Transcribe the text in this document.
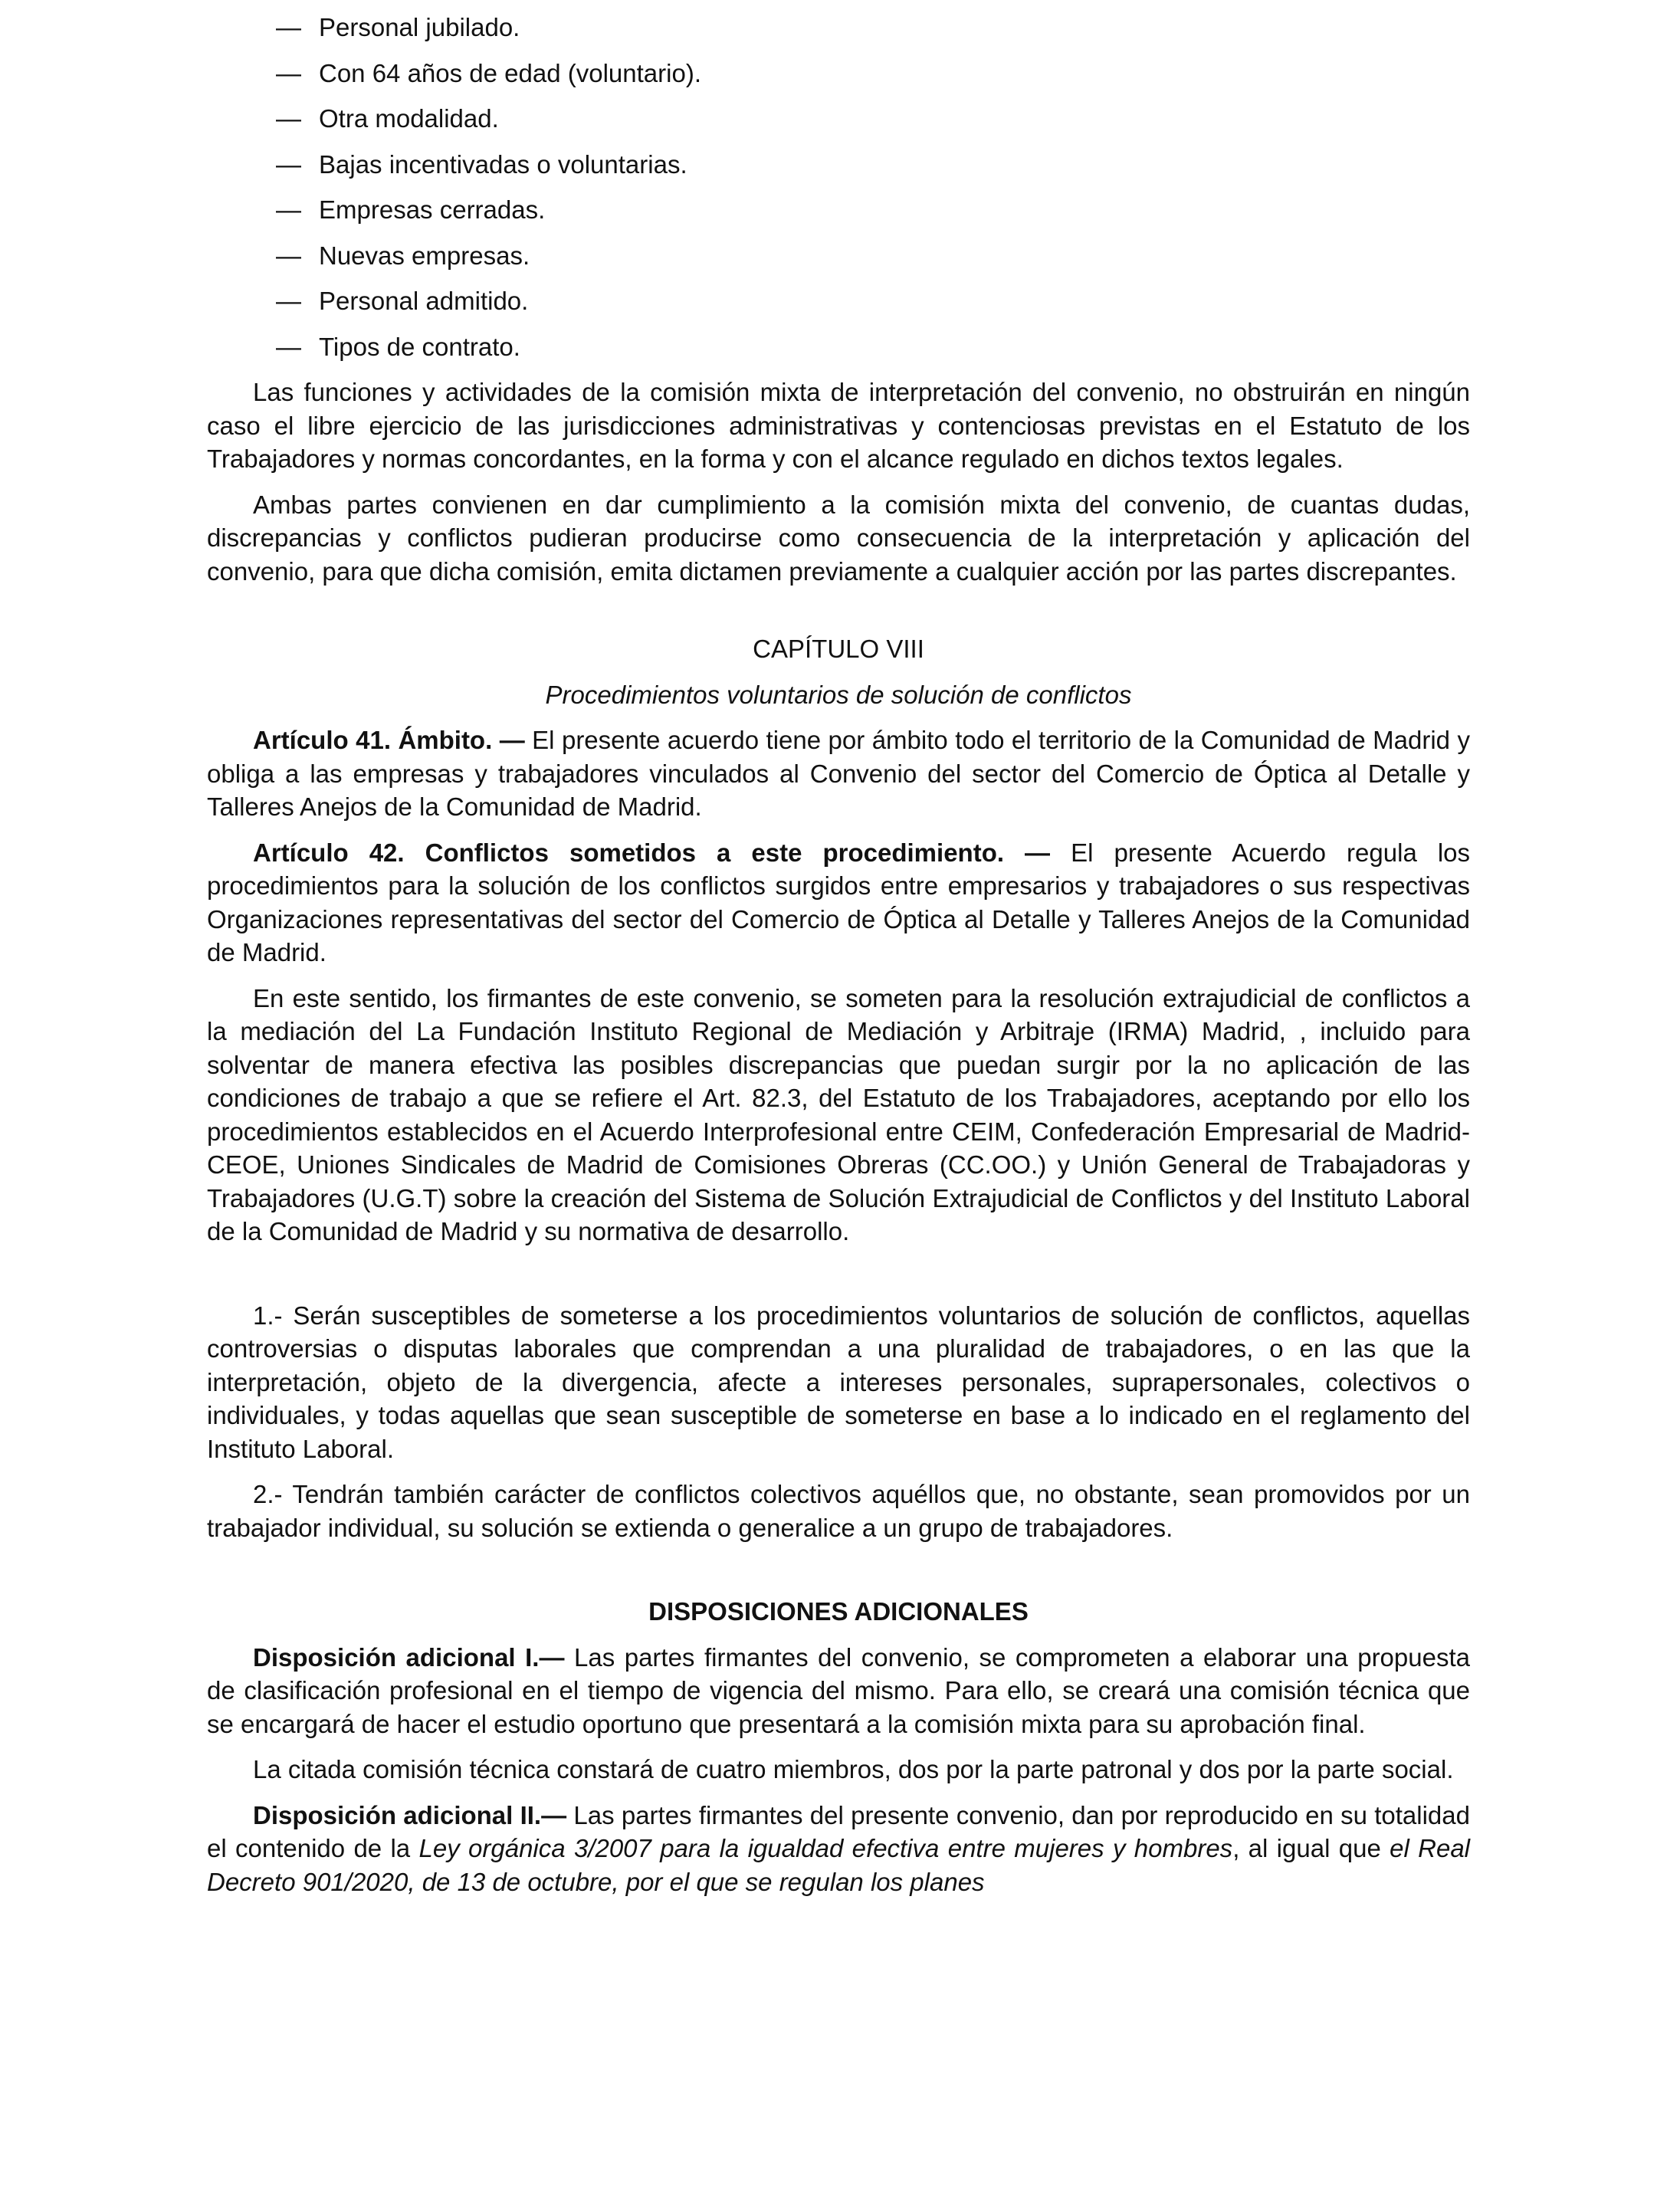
— Personal jubilado.
— Con 64 años de edad (voluntario).
— Otra modalidad.
— Bajas incentivadas o voluntarias.
— Empresas cerradas.
— Nuevas empresas.
— Personal admitido.
— Tipos de contrato.

Las funciones y actividades de la comisión mixta de interpretación del convenio, no obstruirán en ningún caso el libre ejercicio de las jurisdicciones administrativas y contenciosas previstas en el Estatuto de los Trabajadores y normas concordantes, en la forma y con el alcance regulado en dichos textos legales.

Ambas partes convienen en dar cumplimiento a la comisión mixta del convenio, de cuantas dudas, discrepancias y conflictos pudieran producirse como consecuencia de la interpretación y aplicación del convenio, para que dicha comisión, emita dictamen previamente a cualquier acción por las partes discrepantes.

CAPÍTULO VIII
Procedimientos voluntarios de solución de conflictos

Artículo 41. Ámbito. — El presente acuerdo tiene por ámbito todo el territorio de la Comunidad de Madrid y obliga a las empresas y trabajadores vinculados al Convenio del sector del Comercio de Óptica al Detalle y Talleres Anejos de la Comunidad de Madrid.

Artículo 42. Conflictos sometidos a este procedimiento. — El presente Acuerdo regula los procedimientos para la solución de los conflictos surgidos entre empresarios y trabajadores o sus respectivas Organizaciones representativas del sector del Comercio de Óptica al Detalle y Talleres Anejos de la Comunidad de Madrid.

En este sentido, los firmantes de este convenio, se someten para la resolución extrajudicial de conflictos a la mediación del La Fundación Instituto Regional de Mediación y Arbitraje (IRMA) Madrid, , incluido para solventar de manera efectiva las posibles discrepancias que puedan surgir por la no aplicación de las condiciones de trabajo a que se refiere el Art. 82.3, del Estatuto de los Trabajadores, aceptando por ello los procedimientos establecidos en el Acuerdo Interprofesional entre CEIM, Confederación Empresarial de Madrid-CEOE, Uniones Sindicales de Madrid de Comisiones Obreras (CC.OO.) y Unión General de Trabajadoras y Trabajadores (U.G.T) sobre la creación del Sistema de Solución Extrajudicial de Conflictos y del Instituto Laboral de la Comunidad de Madrid y su normativa de desarrollo.

1.- Serán susceptibles de someterse a los procedimientos voluntarios de solución de conflictos, aquellas controversias o disputas laborales que comprendan a una pluralidad de trabajadores, o en las que la interpretación, objeto de la divergencia, afecte a intereses personales, suprapersonales, colectivos o individuales, y todas aquellas que sean susceptible de someterse en base a lo indicado en el reglamento del Instituto Laboral.

2.- Tendrán también carácter de conflictos colectivos aquéllos que, no obstante, sean promovidos por un trabajador individual, su solución se extienda o generalice a un grupo de trabajadores.

DISPOSICIONES ADICIONALES

Disposición adicional I.— Las partes firmantes del convenio, se comprometen a elaborar una propuesta de clasificación profesional en el tiempo de vigencia del mismo. Para ello, se creará una comisión técnica que se encargará de hacer el estudio oportuno que presentará a la comisión mixta para su aprobación final.

La citada comisión técnica constará de cuatro miembros, dos por la parte patronal y dos por la parte social.

Disposición adicional II.— Las partes firmantes del presente convenio, dan por reproducido en su totalidad el contenido de la Ley orgánica 3/2007 para la igualdad efectiva entre mujeres y hombres, al igual que el Real Decreto 901/2020, de 13 de octubre, por el que se regulan los planes
